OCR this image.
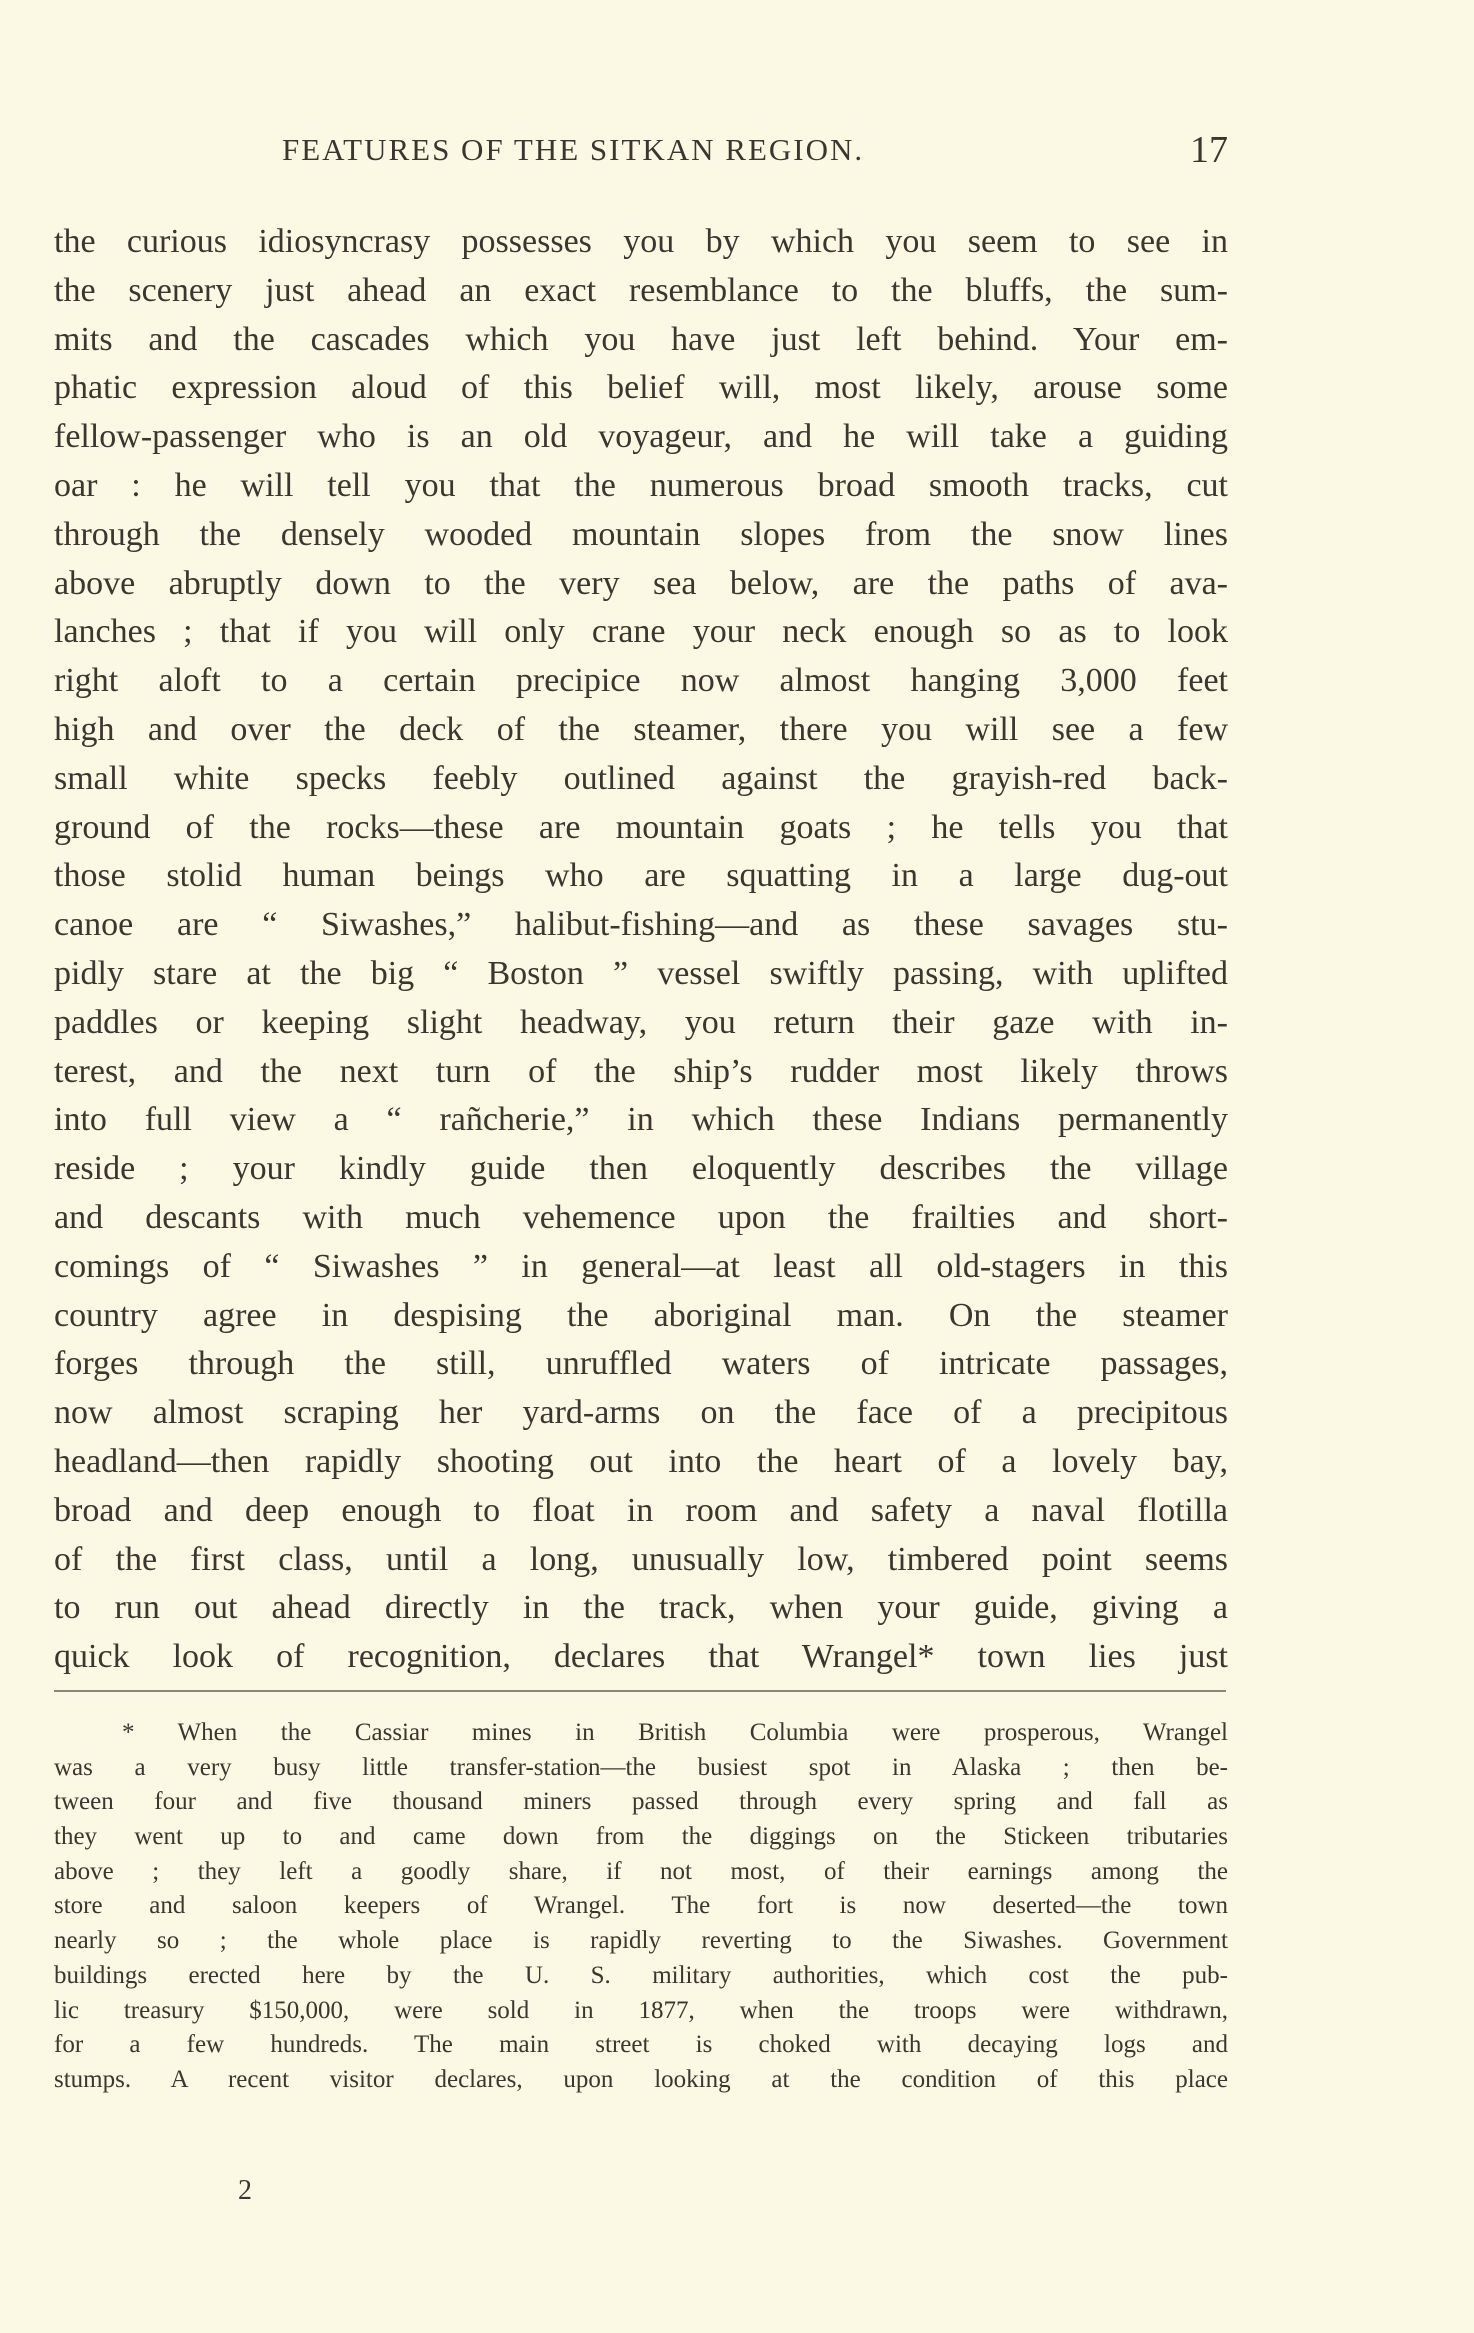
FEATURES OF THE SITKAN REGION.	17
the curious idiosyncrasy possesses you by which you seem to see in
the scenery just ahead an exact resemblance to the bluffs, the sum-
mits and the cascades which you have just left behind. Your em-
phatic expression aloud of this belief will, most likely, arouse some
fellow-passenger who is an old voyageur, and he will take a guiding
oar : he will tell you that the numerous broad smooth tracks, cut
through the densely wooded mountain slopes from the snow lines
above abruptly down to the very sea below, are the paths of ava-
lanches ; that if you will only crane your neck enough so as to look
right aloft to a certain precipice now almost hanging 3,000 feet
high and over the deck of the steamer, there you will see a few
small white specks feebly outlined against the grayish-red back-
ground of the rocks—these are mountain goats ; he tells you that
those stolid human beings who are squatting in a large dug-out
canoe are “ Siwashes,” halibut-fishing—and as these savages stu-
pidly stare at the big “ Boston ” vessel swiftly passing, with uplifted
paddles or keeping slight headway, you return their gaze with in-
terest, and the next turn of the ship’s rudder most likely throws
into full view a “ rañcherie,” in which these Indians permanently
reside ; your kindly guide then eloquently describes the village
and descants with much vehemence upon the frailties and short-
comings of “ Siwashes ” in general—at least all old-stagers in this
country agree in despising the aboriginal man. On the steamer
forges through the still, unruffled waters of intricate passages,
now almost scraping her yard-arms on the face of a precipitous
headland—then rapidly shooting out into the heart of a lovely bay,
broad and deep enough to float in room and safety a naval flotilla
of the first class, until a long, unusually low, timbered point seems
to run out ahead directly in the track, when your guide, giving a
quick look of recognition, declares that Wrangel* town lies just
* When the Cassiar mines in British Columbia were prosperous, Wrangel
was a very busy little transfer-station—the busiest spot in Alaska ; then be-
tween four and five thousand miners passed through every spring and fall as
they went up to and came down from the diggings on the Stickeen tributaries
above ; they left a goodly share, if not most, of their earnings among the
store and saloon keepers of Wrangel. The fort is now deserted—the town
nearly so ; the whole place is rapidly reverting to the Siwashes. Government
buildings erected here by the U. S. military authorities, which cost the pub-
lic treasury $150,000, were sold in 1877, when the troops were withdrawn,
for a few hundreds. The main street is choked with decaying logs and
stumps. A recent visitor declares, upon looking at the condition of this place
2
